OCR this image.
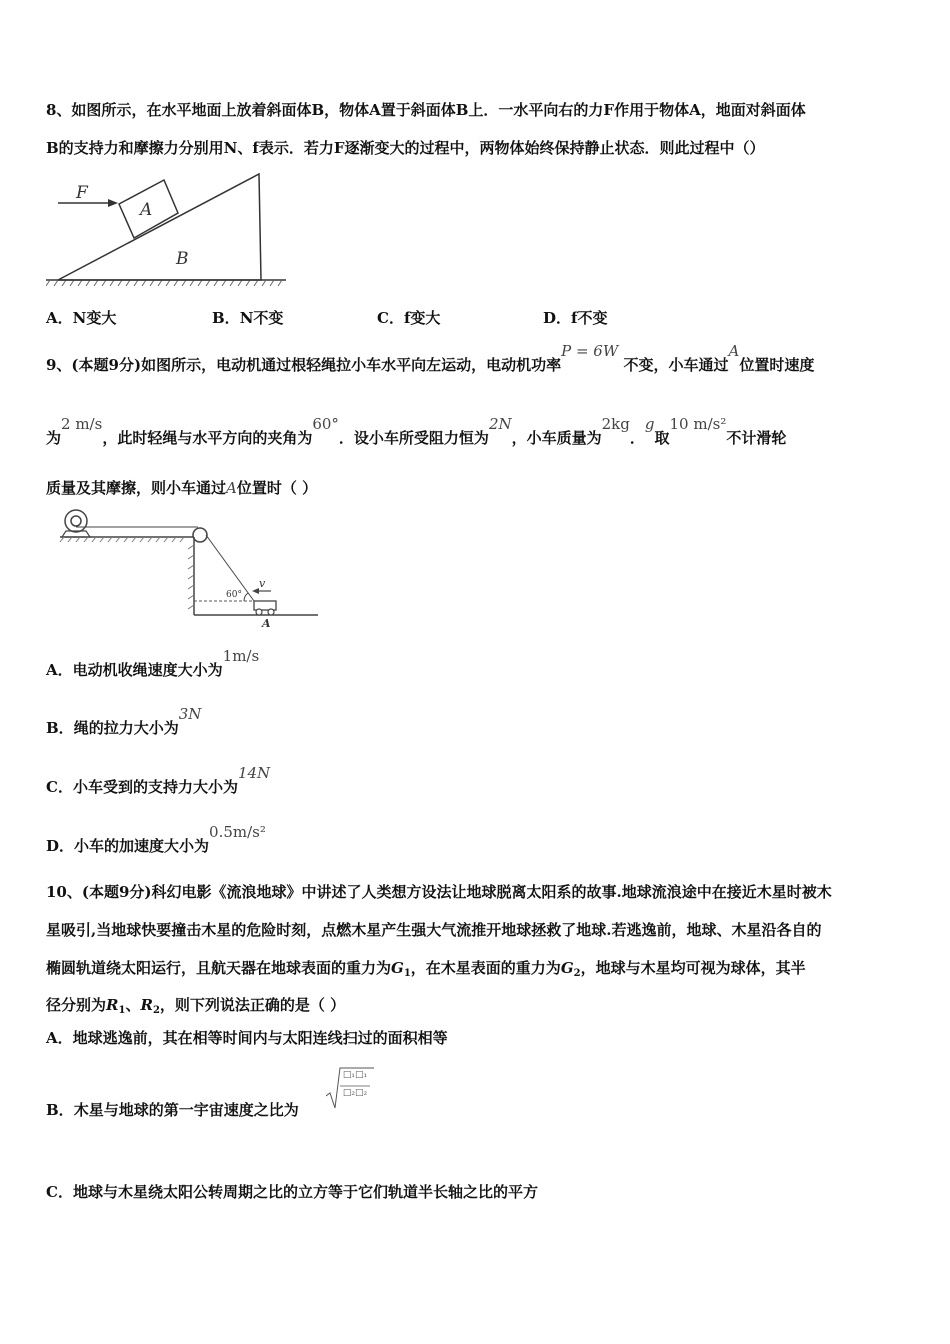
8、如图所示，在水平地面上放着斜面体B，物体A置于斜面体B上．一水平向右的力F作用于物体A，地面对斜面体
B的支持力和摩擦力分别用N、f表示．若力F逐渐变大的过程中，两物体始终保持静止状态．则此过程中（）
F
A
B
A．N变大	B．N不变	C．f变大	D．f不变
9、(本题9分)如图所示，电动机通过根轻绳拉小车水平向左运动，电动机功率P = 6W 不变，小车通过A位置时速度
为2 m/s，此时轻绳与水平方向的夹角为60°．设小车所受阻力恒为2N，小车质量为2kg．g取10 m/s²不计滑轮
质量及其摩擦，则小车通过A位置时（ ）
60°
v
A
A．电动机收绳速度大小为1m/s
B．绳的拉力大小为3N
C．小车受到的支持力大小为14N
D．小车的加速度大小为0.5m/s²
10、(本题9分)科幻电影《流浪地球》中讲述了人类想方设法让地球脱离太阳系的故事.地球流浪途中在接近木星时被木
星吸引,当地球快要撞击木星的危险时刻，点燃木星产生强大气流推开地球拯救了地球.若逃逸前，地球、木星沿各自的
椭圆轨道绕太阳运行，且航天器在地球表面的重力为$G_1$，在木星表面的重力为$G_2$，地球与木星均可视为球体，其半
径分别为$R_1$、$R_2$，则下列说法正确的是（ ）
A．地球逃逸前，其在相等时间内与太阳连线扫过的面积相等
B．木星与地球的第一宇宙速度之比为
□₁□₁
□₂□₂
C．地球与木星绕太阳公转周期之比的立方等于它们轨道半长轴之比的平方
